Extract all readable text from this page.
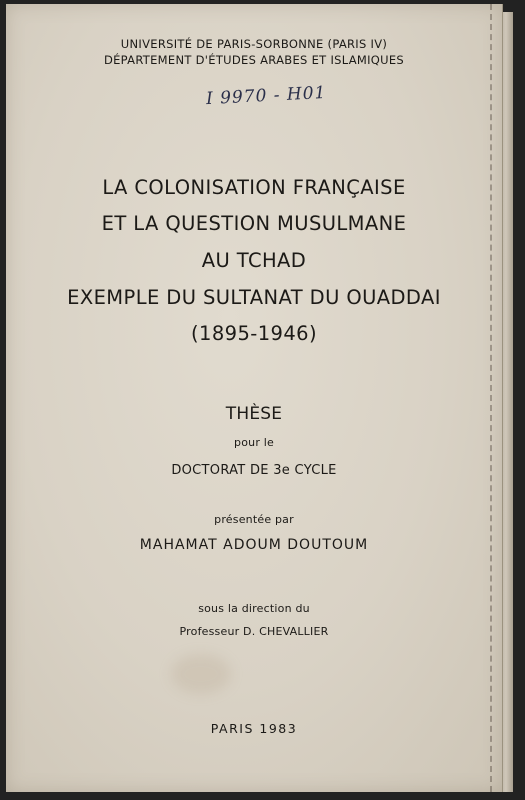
UNIVERSITÉ DE PARIS-SORBONNE (PARIS IV)
DÉPARTEMENT D'ÉTUDES ARABES ET ISLAMIQUES
I 9970 - H01
LA COLONISATION FRANÇAISE
ET LA QUESTION MUSULMANE
AU TCHAD
EXEMPLE DU SULTANAT DU OUADDAI
(1895-1946)
THÈSE
pour le
DOCTORAT DE 3e CYCLE
présentée par
MAHAMAT ADOUM DOUTOUM
sous la direction du
Professeur D. CHEVALLIER
PARIS 1983
